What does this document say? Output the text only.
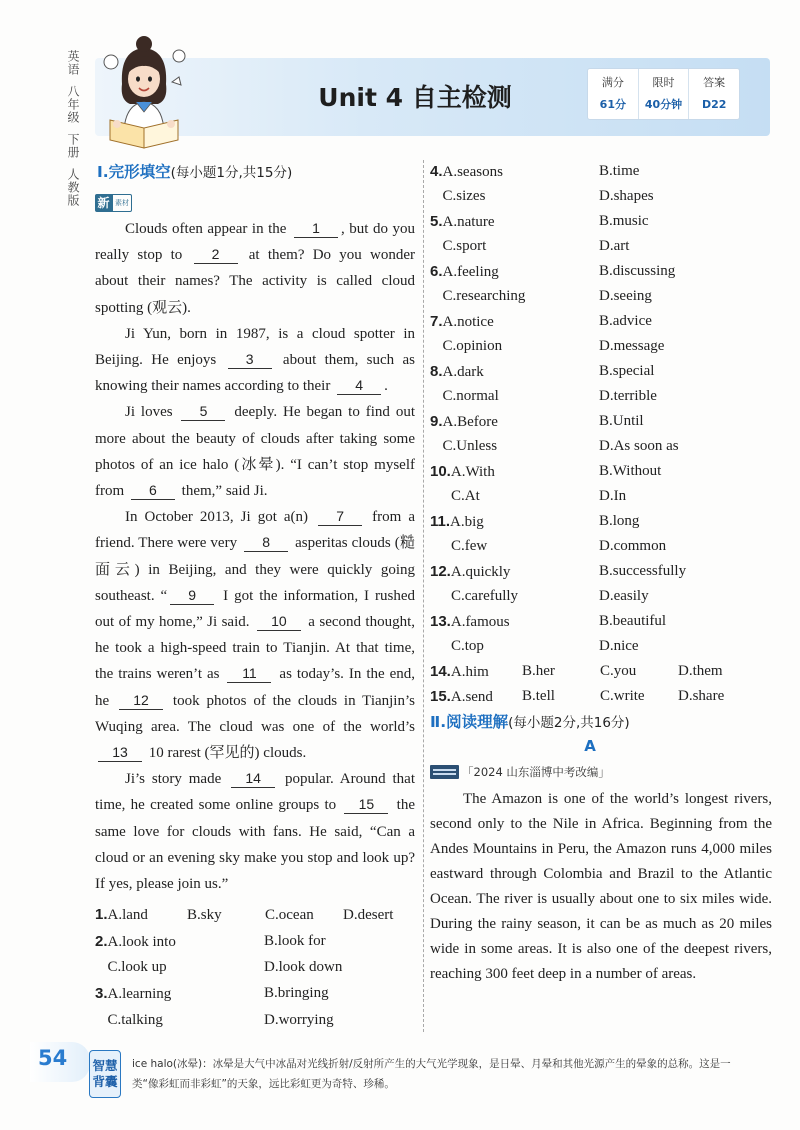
英语
八年级
下册
人教版
Unit 4 自主检测
满分
61分
限时
40分钟
答案
D22
Ⅰ.完形填空(每小题1分,共15分)
新 素材

Clouds often appear in the 1 , but do you really stop to 2 at them? Do you wonder about their names? The activity is called cloud spotting (观云).

Ji Yun, born in 1987, is a cloud spotter in Beijing. He enjoys 3 about them, such as knowing their names according to their 4 .

Ji loves 5 deeply. He began to find out more about the beauty of clouds after taking some photos of an ice halo (冰晕). “I can’t stop myself from 6 them,” said Ji.

In October 2013, Ji got a(n) 7 from a friend. There were very 8 asperitas clouds (糙面云) in Beijing, and they were quickly going southeast. “ 9 I got the information, I rushed out of my home,” Ji said. 10 a second thought, he took a high-speed train to Tianjin. At that time, the trains weren’t as 11 as today’s. In the end, he 12 took photos of the clouds in Tianjin’s Wuqing area. The cloud was one of the world’s 13 10 rarest (罕见的) clouds.

Ji’s story made 14 popular. Around that time, he created some online groups to 15 the same love for clouds with fans. He said, “Can a cloud or an evening sky make you stop and look up? If yes, please join us.”

1.A.land	B.sky	C.ocean	D.desert
2.A.look into	B.look for
C.look up	D.look down
3.A.learning	B.bringing
C.talking	D.worrying
4.A.seasons	B.time
C.sizes	D.shapes
5.A.nature	B.music
C.sport	D.art
6.A.feeling	B.discussing
C.researching	D.seeing
7.A.notice	B.advice
C.opinion	D.message
8.A.dark	B.special
C.normal	D.terrible
9.A.Before	B.Until
C.Unless	D.As soon as
10.A.With	B.Without
C.At	D.In
11.A.big	B.long
C.few	D.common
12.A.quickly	B.successfully
C.carefully	D.easily
13.A.famous	B.beautiful
C.top	D.nice
14.A.him	B.her	C.you	D.them
15.A.send	B.tell	C.write	D.share
Ⅱ.阅读理解(每小题2分,共16分)
A
「2024 山东淄博中考改编」

The Amazon is one of the world’s longest rivers, second only to the Nile in Africa. Beginning from the Andes Mountains in Peru, the Amazon runs 4,000 miles eastward through Colombia and Brazil to the Atlantic Ocean. The river is usually about one to six miles wide. During the rainy season, it can be as much as 20 miles wide in some areas. It is also one of the deepest rivers, reaching 300 feet deep in a number of areas.

54 智慧
背囊
ice halo(冰晕)：冰晕是大气中冰晶对光线折射/反射所产生的大气光学现象，是日晕、月晕和其他光源产生的晕象的总称。这是一类“像彩虹而非彩虹”的天象，远比彩虹更为奇特、珍稀。
